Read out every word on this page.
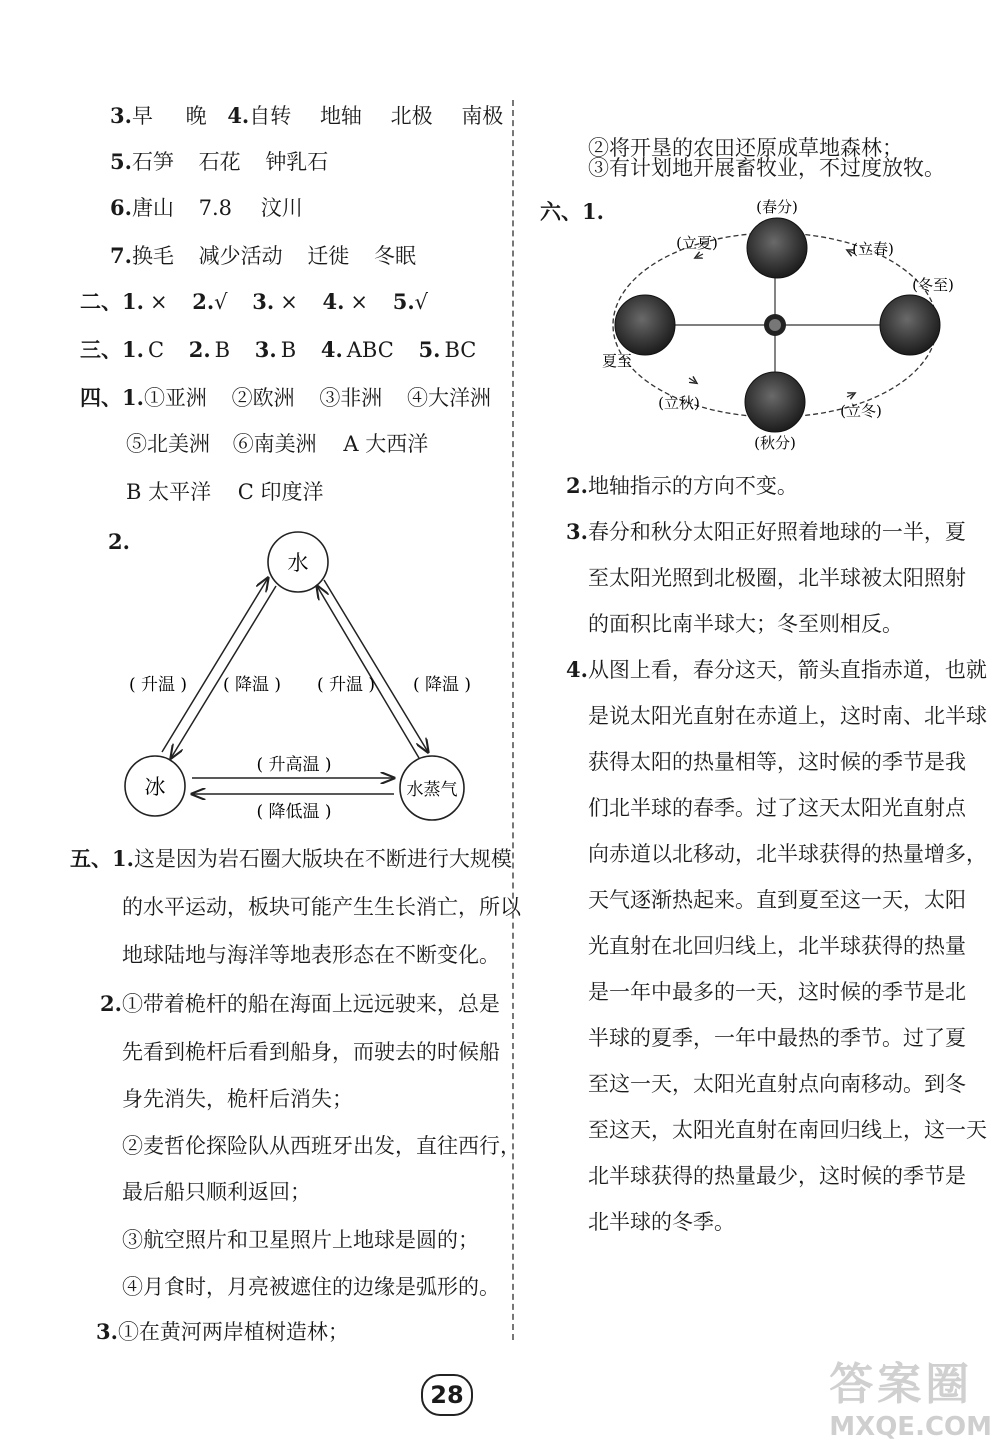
3.早 晚 4.自转 地轴 北极 南极
5.石笋 石花 钟乳石
6.唐山 7.8 汶川
7.换毛 减少活动 迁徙 冬眠
二、1. × 2.√ 3. × 4. × 5.√
三、1. C 2. B 3. B 4. ABC 5. BC
四、1.①亚洲 ②欧洲 ③非洲 ④大洋洲
⑤北美洲 ⑥南美洲 A 大西洋
B 太平洋 C 印度洋
2.
水
冰	水蒸气
( 升温 ) ( 降温 ) ( 升温 ) ( 降温 )
( 升高温 )
( 降低温 )
五、1.这是因为岩石圈大版块在不断进行大规模
的水平运动，板块可能产生生长消亡，所以
地球陆地与海洋等地表形态在不断变化。
2.①带着桅杆的船在海面上远远驶来，总是
先看到桅杆后看到船身，而驶去的时候船
身先消失，桅杆后消失；
②麦哲伦探险队从西班牙出发，直往西行，
最后船只顺利返回；
③航空照片和卫星照片上地球是圆的；
④月食时，月亮被遮住的边缘是弧形的。
3.①在黄河两岸植树造林；
②将开垦的农田还原成草地森林；
③有计划地开展畜牧业，不过度放牧。
六、1.	(春分)
(立夏)	(立春)
(冬至)
夏至
(立秋)	(立冬)
(秋分)
2.地轴指示的方向不变。
3.春分和秋分太阳正好照着地球的一半，夏
至太阳光照到北极圈，北半球被太阳照射
的面积比南半球大；冬至则相反。
4.从图上看，春分这天，箭头直指赤道，也就
是说太阳光直射在赤道上，这时南、北半球
获得太阳的热量相等，这时候的季节是我
们北半球的春季。过了这天太阳光直射点
向赤道以北移动，北半球获得的热量增多，
天气逐渐热起来。直到夏至这一天，太阳
光直射在北回归线上，北半球获得的热量
是一年中最多的一天，这时候的季节是北
半球的夏季，一年中最热的季节。过了夏
至这一天，太阳光直射点向南移动。到冬
至这天，太阳光直射在南回归线上，这一天
北半球获得的热量最少，这时候的季节是
北半球的冬季。
28	答案圈
MXQE.COM
